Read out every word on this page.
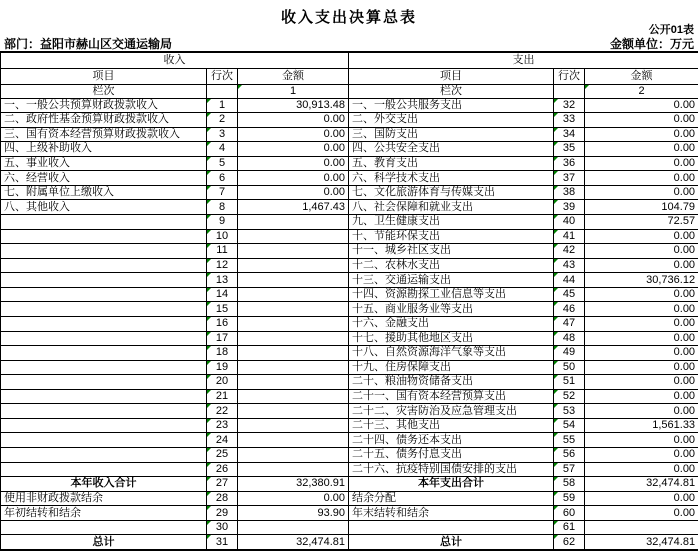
收入支出决算总表
公开01表
部门：益阳市赫山区交通运输局	金额单位：万元
收入			支出		
项目	行次	金额	项目	行次	金额
栏次		1	栏次		2
一、一般公共预算财政拨款收入	1	30,913.48	一、一般公共服务支出	32	0.00
二、政府性基金预算财政拨款收入	2	0.00	二、外交支出	33	0.00
三、国有资本经营预算财政拨款收入	3	0.00	三、国防支出	34	0.00
四、上级补助收入	4	0.00	四、公共安全支出	35	0.00
五、事业收入	5	0.00	五、教育支出	36	0.00
六、经营收入	6	0.00	六、科学技术支出	37	0.00
七、附属单位上缴收入	7	0.00	七、文化旅游体育与传媒支出	38	0.00
八、其他收入	8	1,467.43	八、社会保障和就业支出	39	104.79
	9		九、卫生健康支出	40	72.57
	10		十、节能环保支出	41	0.00
	11		十一、城乡社区支出	42	0.00
	12		十二、农林水支出	43	0.00
	13		十三、交通运输支出	44	30,736.12
	14		十四、资源勘探工业信息等支出	45	0.00
	15		十五、商业服务业等支出	46	0.00
	16		十六、金融支出	47	0.00
	17		十七、援助其他地区支出	48	0.00
	18		十八、自然资源海洋气象等支出	49	0.00
	19		十九、住房保障支出	50	0.00
	20		二十、粮油物资储备支出	51	0.00
	21		二十一、国有资本经营预算支出	52	0.00
	22		二十二、灾害防治及应急管理支出	53	0.00
	23		二十三、其他支出	54	1,561.33
	24		二十四、债务还本支出	55	0.00
	25		二十五、债务付息支出	56	0.00
	26		二十六、抗疫特别国债安排的支出	57	0.00
本年收入合计	27	32,380.91	本年支出合计	58	32,474.81
使用非财政拨款结余	28	0.00	结余分配	59	0.00
年初结转和结余	29	93.90	年末结转和结余	60	0.00
	30			61	
总计	31	32,474.81	总计	62	32,474.81
